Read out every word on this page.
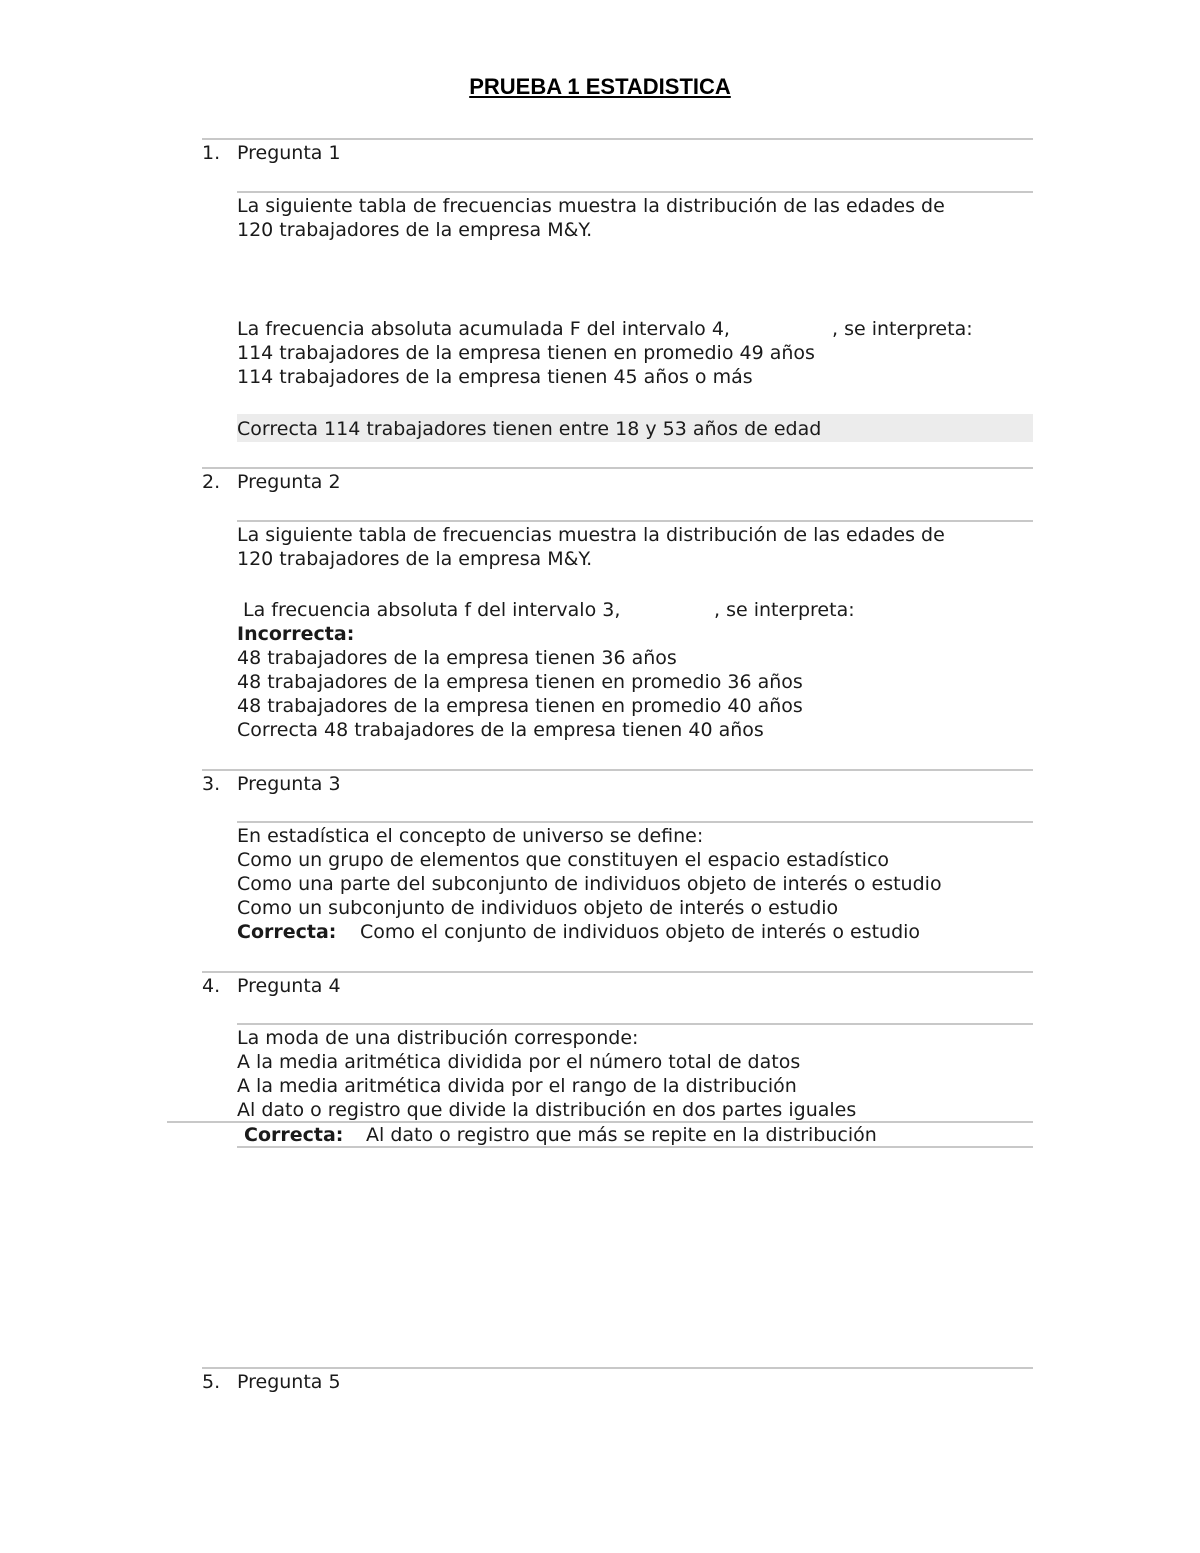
PRUEBA 1 ESTADISTICA
1. Pregunta 1
La siguiente tabla de frecuencias muestra la distribución de las edades de
120 trabajadores de la empresa M&Y.
La frecuencia absoluta acumulada F del intervalo 4,	, se interpreta:
114 trabajadores de la empresa tienen en promedio 49 años
114 trabajadores de la empresa tienen 45 años o más
Correcta 114 trabajadores tienen entre 18 y 53 años de edad
2. Pregunta 2
La siguiente tabla de frecuencias muestra la distribución de las edades de
120 trabajadores de la empresa M&Y.
La frecuencia absoluta f del intervalo 3,	, se interpreta:
Incorrecta:
48 trabajadores de la empresa tienen 36 años
48 trabajadores de la empresa tienen en promedio 36 años
48 trabajadores de la empresa tienen en promedio 40 años
Correcta 48 trabajadores de la empresa tienen 40 años
3. Pregunta 3
En estadística el concepto de universo se define:
Como un grupo de elementos que constituyen el espacio estadístico
Como una parte del subconjunto de individuos objeto de interés o estudio
Como un subconjunto de individuos objeto de interés o estudio
Correcta: Como el conjunto de individuos objeto de interés o estudio
4. Pregunta 4
La moda de una distribución corresponde:
A la media aritmética dividida por el número total de datos
A la media aritmética divida por el rango de la distribución
Al dato o registro que divide la distribución en dos partes iguales
Correcta: Al dato o registro que más se repite en la distribución
5. Pregunta 5
